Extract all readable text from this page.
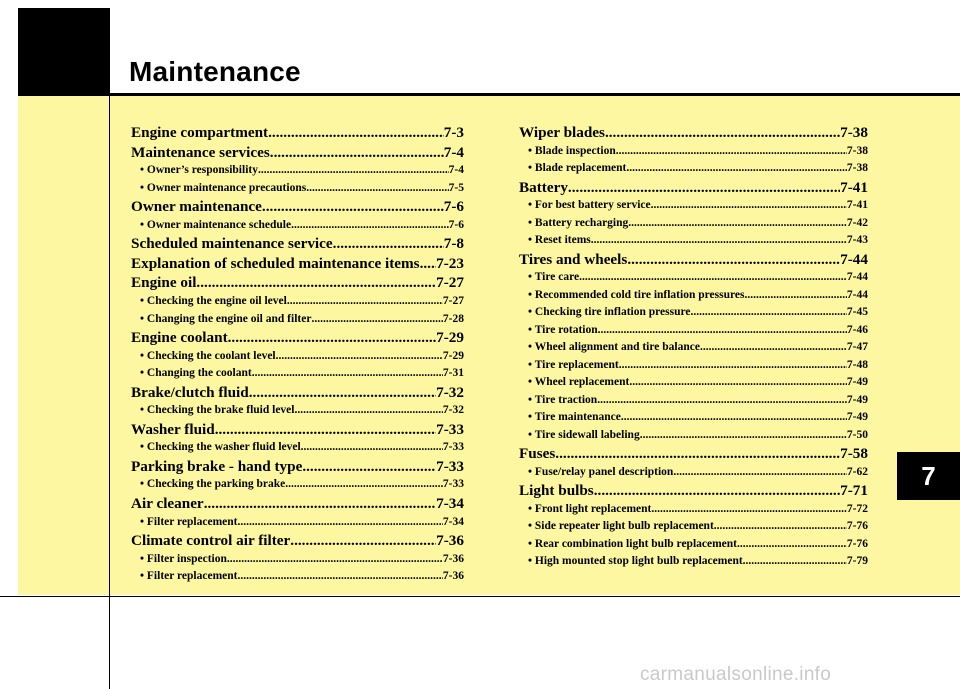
Maintenance
Engine compartment .....	7-3
Maintenance services .....	7-4
• Owner’s responsibility .....	7-4
• Owner maintenance precautions .....	7-5
Owner maintenance .....	7-6
• Owner maintenance schedule .....	7-6
Scheduled maintenance service .....	7-8
Explanation of scheduled maintenance items ..... 7-23
Engine oil .....	7-27
• Checking the engine oil level .....	7-27
• Changing the engine oil and filter .....	7-28
Engine coolant .....	7-29
• Checking the coolant level .....	7-29
• Changing the coolant .....	7-31
Brake/clutch fluid .....	7-32
• Checking the brake fluid level .....	7-32
Washer fluid .....	7-33
• Checking the washer fluid level .....	7-33
Parking brake - hand type .....	7-33
• Checking the parking brake .....	7-33
Air cleaner .....	7-34
• Filter replacement .....	7-34
Climate control air filter .....	7-36
• Filter inspection .....	7-36
• Filter replacement .....	7-36
Wiper blades .....	7-38
• Blade inspection .....	7-38
• Blade replacement .....	7-38
Battery .....	7-41
• For best battery service .....	7-41
• Battery recharging .....	7-42
• Reset items .....	7-43
Tires and wheels .....	7-44
• Tire care .....	7-44
• Recommended cold tire inflation pressures .....	7-44
• Checking tire inflation pressure .....	7-45
• Tire rotation .....	7-46
• Wheel alignment and tire balance .....	7-47
• Tire replacement .....	7-48
• Wheel replacement .....	7-49
• Tire traction .....	7-49
• Tire maintenance .....	7-49
• Tire sidewall labeling .....	7-50
Fuses .....	7-58
• Fuse/relay panel description .....	7-62
Light bulbs .....	7-71
• Front light replacement .....	7-72
• Side repeater light bulb replacement .....	7-76
• Rear combination light bulb replacement .....	7-76
• High mounted stop light bulb replacement .....	7-79
7

carmanualsonline.info
